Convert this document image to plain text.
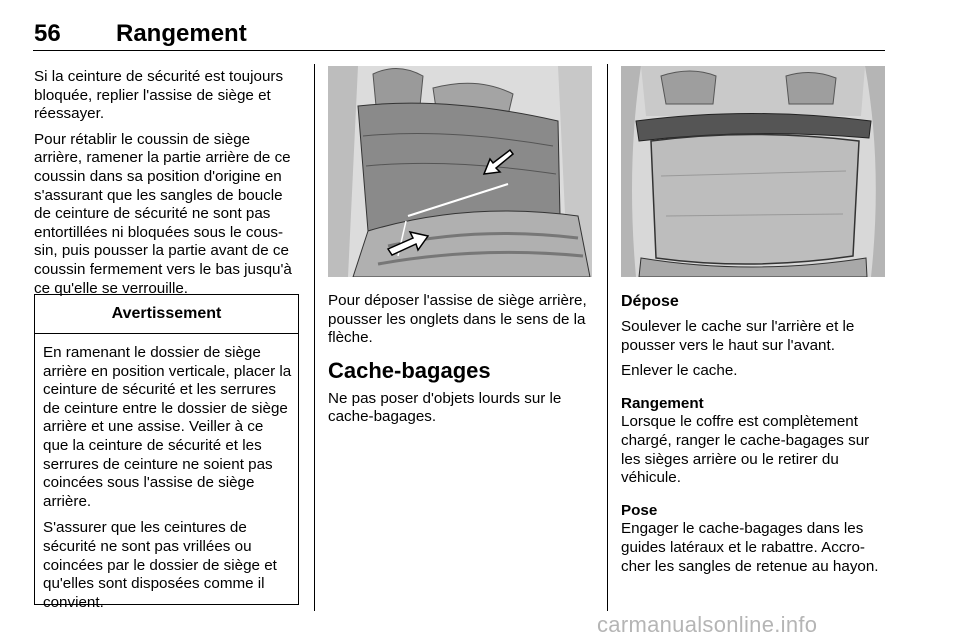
56 Rangement

Si la ceinture de sécurité est toujours bloquée, replier l'assise de siège et réessayer.

Pour rétablir le coussin de siège arrière, ramener la partie arrière de ce coussin dans sa position d'origine en s'assurant que les sangles de boucle de ceinture de sécurité ne sont pas entortillées ni bloquées sous le coussin, puis pousser la partie avant de ce coussin fermement vers le bas jusqu'à ce qu'elle se verrouille.

Avertissement

En ramenant le dossier de siège arrière en position verticale, placer la ceinture de sécurité et les serrures de ceinture entre le dossier de siège arrière et une assise. Veiller à ce que la ceinture de sécurité et les serrures de ceinture ne soient pas coincées sous l'assise de siège arrière.

S'assurer que les ceintures de sécurité ne sont pas vrillées ou coincées par le dossier de siège et qu'elles sont disposées comme il convient.

Pour déposer l'assise de siège arrière, pousser les onglets dans le sens de la flèche.

Cache-bagages

Ne pas poser d'objets lourds sur le cache-bagages.

Dépose

Soulever le cache sur l'arrière et le pousser vers le haut sur l'avant.

Enlever le cache.

Rangement

Lorsque le coffre est complètement chargé, ranger le cache-bagages sur les sièges arrière ou le retirer du véhicule.

Pose

Engager le cache-bagages dans les guides latéraux et le rabattre. Accrocher les sangles de retenue au hayon.

carmanualsonline.info
